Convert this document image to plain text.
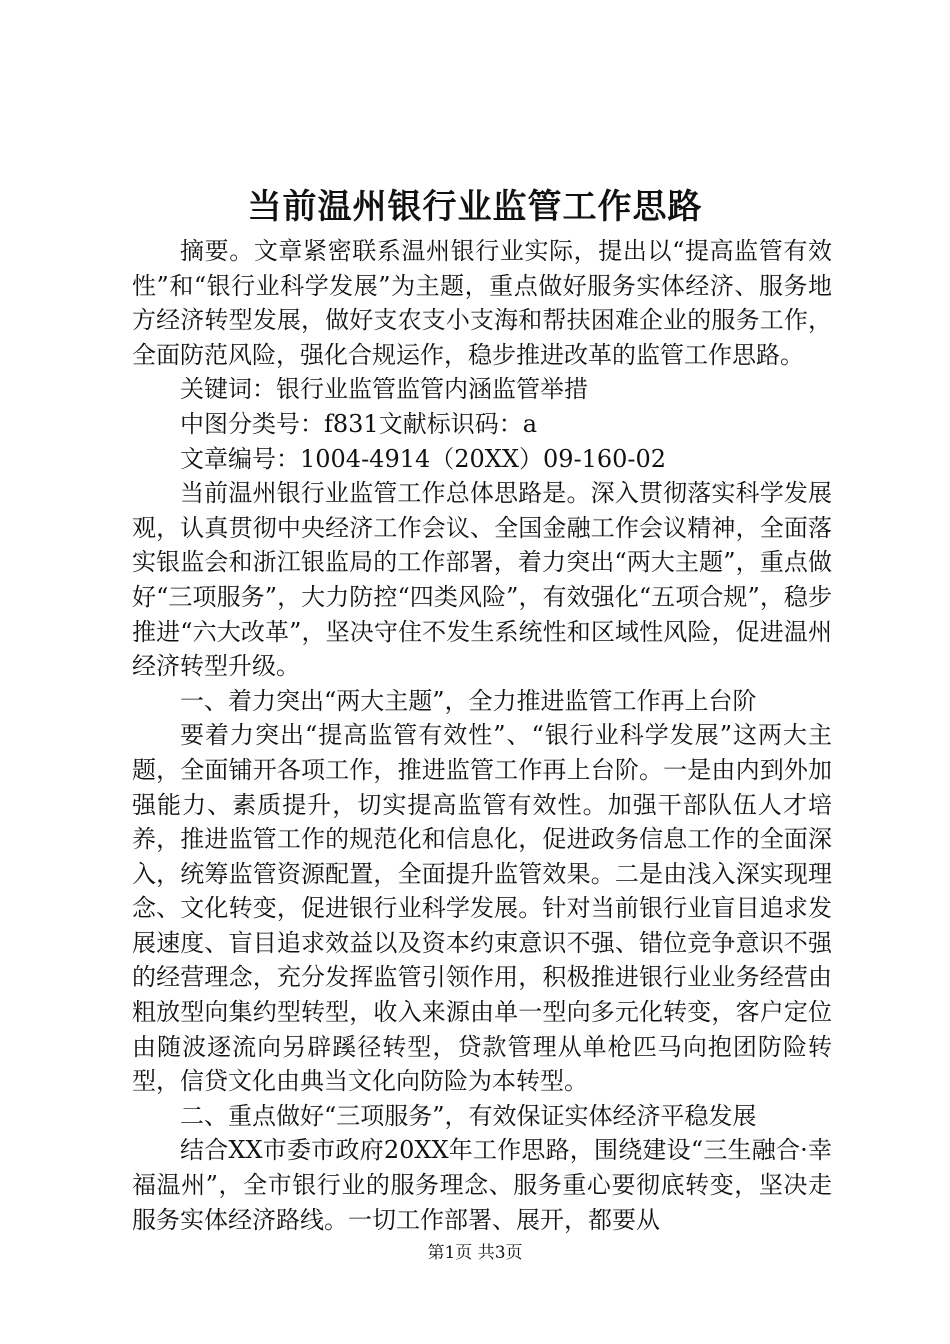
当前温州银行业监管工作思路

摘要。文章紧密联系温州银行业实际，提出以“提高监管有效性”和“银行业科学发展”为主题，重点做好服务实体经济、服务地方经济转型发展，做好支农支小支海和帮扶困难企业的服务工作，全面防范风险，强化合规运作，稳步推进改革的监管工作思路。

关键词：银行业监管监管内涵监管举措

中图分类号：f831文献标识码：a

文章编号：1004-4914（20XX）09-160-02

当前温州银行业监管工作总体思路是。深入贯彻落实科学发展观，认真贯彻中央经济工作会议、全国金融工作会议精神，全面落实银监会和浙江银监局的工作部署，着力突出“两大主题”，重点做好“三项服务”，大力防控“四类风险”，有效强化“五项合规”，稳步推进“六大改革”，坚决守住不发生系统性和区域性风险，促进温州经济转型升级。

一、着力突出“两大主题”，全力推进监管工作再上台阶

要着力突出“提高监管有效性”、“银行业科学发展”这两大主题，全面铺开各项工作，推进监管工作再上台阶。一是由内到外加强能力、素质提升，切实提高监管有效性。加强干部队伍人才培养，推进监管工作的规范化和信息化，促进政务信息工作的全面深入，统筹监管资源配置，全面提升监管效果。二是由浅入深实现理念、文化转变，促进银行业科学发展。针对当前银行业盲目追求发展速度、盲目追求效益以及资本约束意识不强、错位竞争意识不强的经营理念，充分发挥监管引领作用，积极推进银行业业务经营由粗放型向集约型转型，收入来源由单一型向多元化转变，客户定位由随波逐流向另辟蹊径转型，贷款管理从单枪匹马向抱团防险转型，信贷文化由典当文化向防险为本转型。

二、重点做好“三项服务”，有效保证实体经济平稳发展

结合XX市委市政府20XX年工作思路，围绕建设“三生融合·幸福温州”，全市银行业的服务理念、服务重心要彻底转变，坚决走服务实体经济路线。一切工作部署、展开，都要从

第1页 共3页
